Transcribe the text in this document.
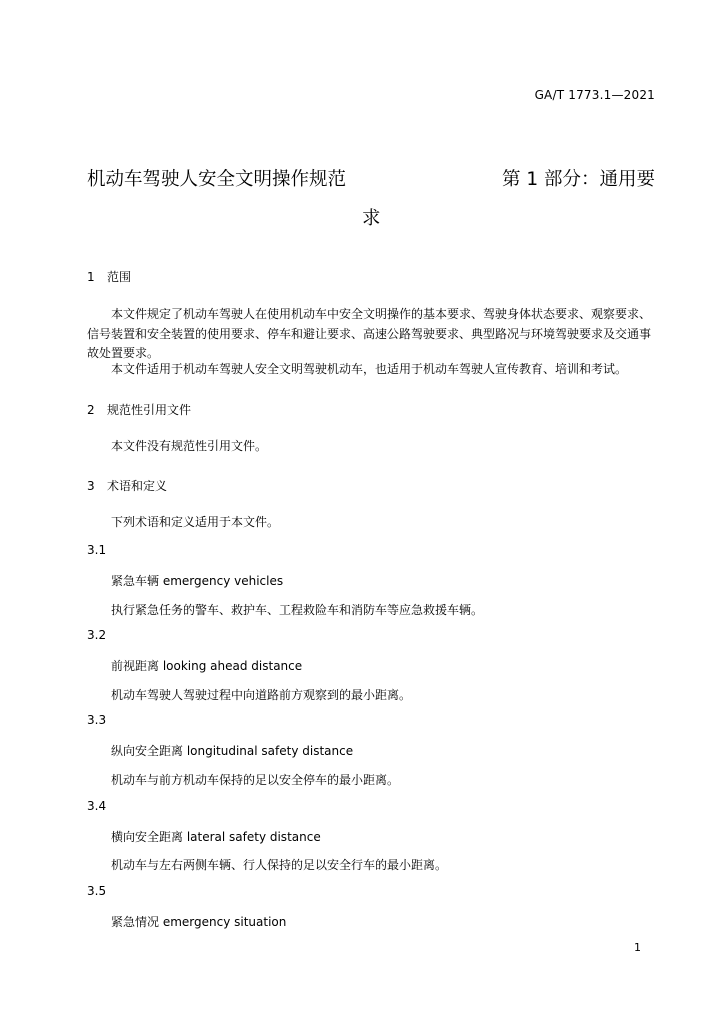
GA/T 1773.1—2021
机动车驾驶人安全文明操作规范	第 1 部分：通用要
求
1 范围
本文件规定了机动车驾驶人在使用机动车中安全文明操作的基本要求、驾驶身体状态要求、观察要求、信号装置和安全装置的使用要求、停车和避让要求、高速公路驾驶要求、典型路况与环境驾驶要求及交通事故处置要求。
本文件适用于机动车驾驶人安全文明驾驶机动车，也适用于机动车驾驶人宣传教育、培训和考试。
2 规范性引用文件
本文件没有规范性引用文件。
3 术语和定义
下列术语和定义适用于本文件。
3.1
紧急车辆 emergency vehicles
执行紧急任务的警车、救护车、工程救险车和消防车等应急救援车辆。
3.2
前视距离 looking ahead distance
机动车驾驶人驾驶过程中向道路前方观察到的最小距离。
3.3
纵向安全距离 longitudinal safety distance
机动车与前方机动车保持的足以安全停车的最小距离。
3.4
横向安全距离 lateral safety distance
机动车与左右两侧车辆、行人保持的足以安全行车的最小距离。
3.5
紧急情况 emergency situation
1
